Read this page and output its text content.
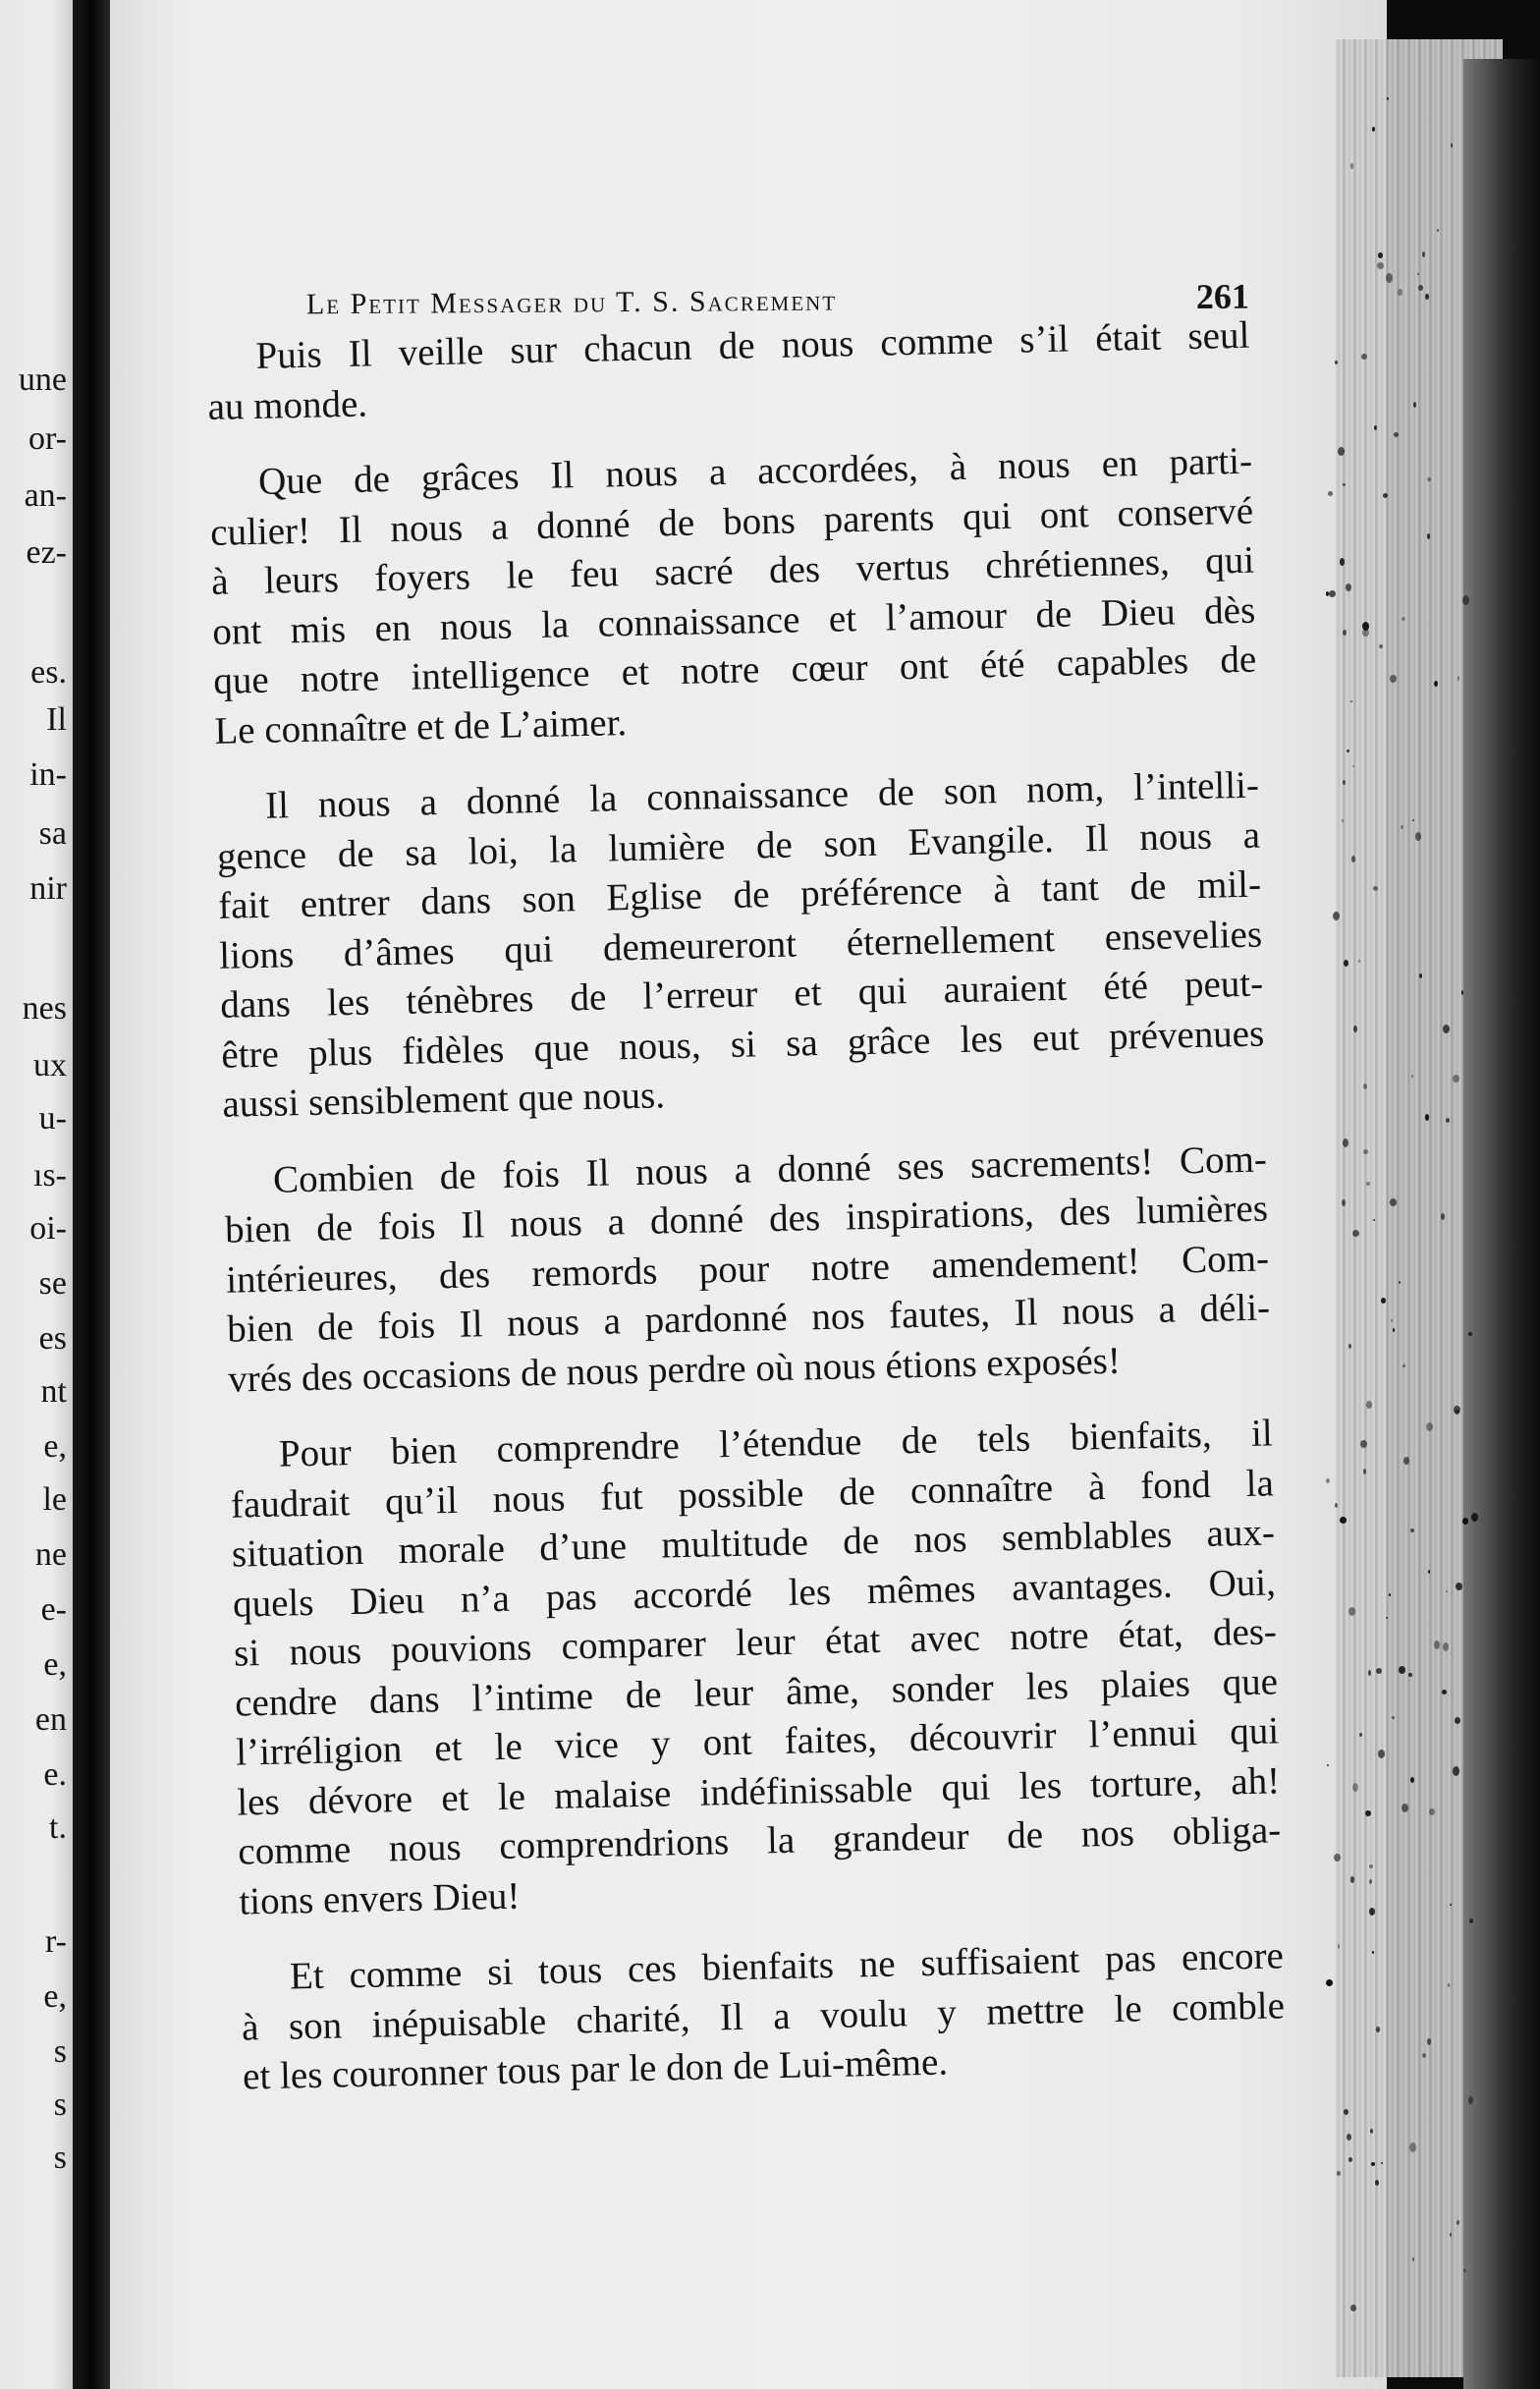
une
or-
an-
ez-
es.
Il
in-
sa
nir
nes
ux
u-
ıs-
oi-
se
es
nt
e,
le
ne
e-
e,
en
e.
t.
r-
e,
s
s
s
Le Petit Messager du T. S. Sacrement	261
Puis Il veille sur chacun de nous comme s’il était seul
au monde.
Que de grâces Il nous a accordées, à nous en parti-
culier! Il nous a donné de bons parents qui ont conservé
à leurs foyers le feu sacré des vertus chrétiennes, qui
ont mis en nous la connaissance et l’amour de Dieu dès
que notre intelligence et notre cœur ont été capables de
Le connaître et de L’aimer.
Il nous a donné la connaissance de son nom, l’intelli-
gence de sa loi, la lumière de son Evangile. Il nous a
fait entrer dans son Eglise de préférence à tant de mil-
lions d’âmes qui demeureront éternellement ensevelies
dans les ténèbres de l’erreur et qui auraient été peut-
être plus fidèles que nous, si sa grâce les eut prévenues
aussi sensiblement que nous.
Combien de fois Il nous a donné ses sacrements! Com-
bien de fois Il nous a donné des inspirations, des lumières
intérieures, des remords pour notre amendement! Com-
bien de fois Il nous a pardonné nos fautes, Il nous a déli-
vrés des occasions de nous perdre où nous étions exposés!
Pour bien comprendre l’étendue de tels bienfaits, il
faudrait qu’il nous fut possible de connaître à fond la
situation morale d’une multitude de nos semblables aux-
quels Dieu n’a pas accordé les mêmes avantages. Oui,
si nous pouvions comparer leur état avec notre état, des-
cendre dans l’intime de leur âme, sonder les plaies que
l’irréligion et le vice y ont faites, découvrir l’ennui qui
les dévore et le malaise indéfinissable qui les torture, ah!
comme nous comprendrions la grandeur de nos obliga-
tions envers Dieu!
Et comme si tous ces bienfaits ne suffisaient pas encore
à son inépuisable charité, Il a voulu y mettre le comble
et les couronner tous par le don de Lui-même.
